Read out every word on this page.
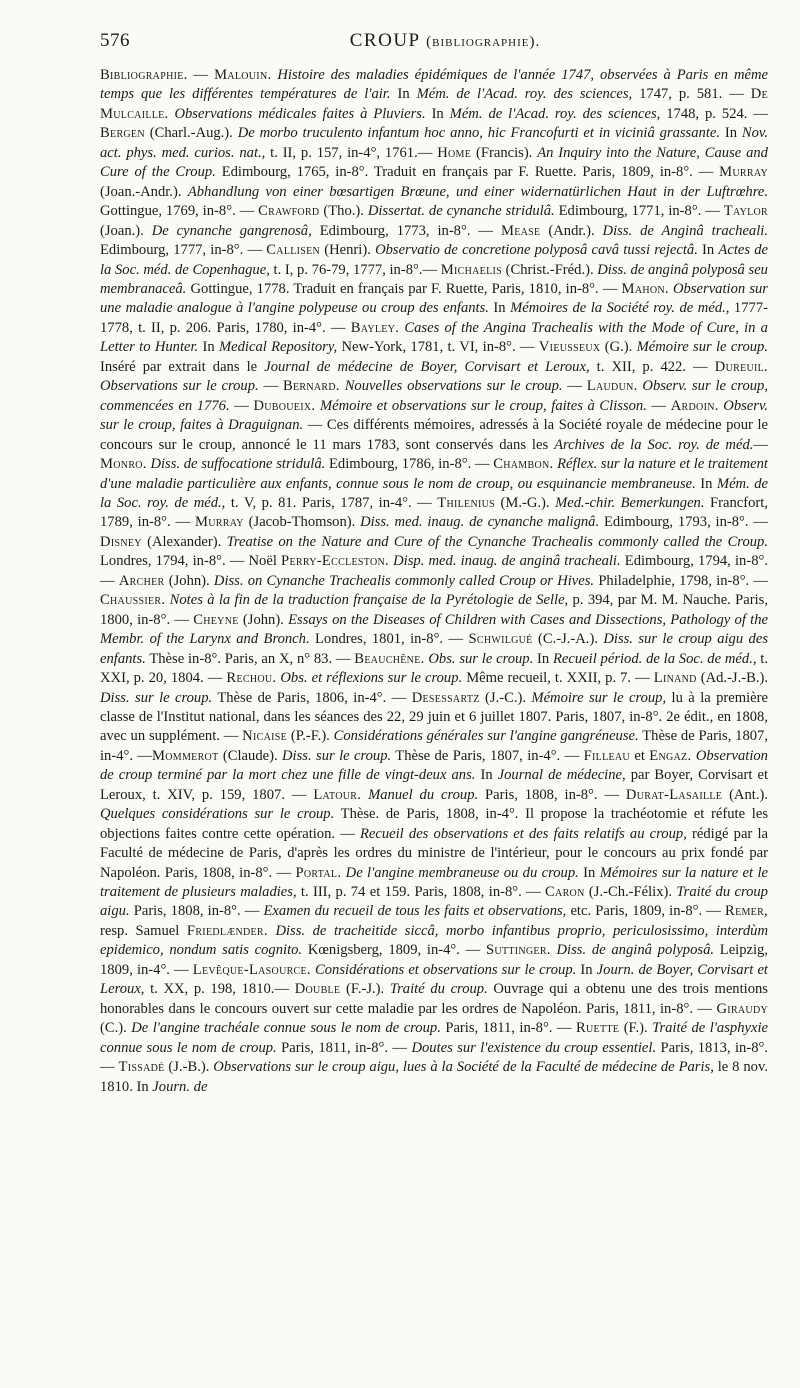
576	CROUP (bibliographie).

Bibliographie. — Malouin. Histoire des maladies épidémiques de l'année 1747, observées à Paris en même temps que les différentes températures de l'air. In Mém. de l'Acad. roy. des sciences, 1747, p. 581. — De Mulcaille. Observations médicales faites à Pluviers. In Mém. de l'Acad. roy. des sciences, 1748, p. 524. — Bergen (Charl.-Aug.). De morbo truculento infantum hoc anno, hic Francofurti et in viciniâ grassante. In Nov. act. phys. med. curios. nat., t. II, p. 157, in-4°, 1761.— Home (Francis). An Inquiry into the Nature, Cause and Cure of the Croup. Edimbourg, 1765, in-8°. Traduit en français par F. Ruette. Paris, 1809, in-8°. — Murray (Joan.-Andr.). Abhandlung von einer bœsartigen Brœune, und einer widernatürlichen Haut in der Luftrœhre. Gottingue, 1769, in-8°. — Crawford (Tho.). Dissertat. de cynanche stridulâ. Edimbourg, 1771, in-8°. — Taylor (Joan.). De cynanche gangrenosâ, Edimbourg, 1773, in-8°. — Mease (Andr.). Diss. de Anginâ tracheali. Edimbourg, 1777, in-8°. — Callisen (Henri). Observatio de concretione polyposâ cavâ tussi rejectâ. In Actes de la Soc. méd. de Copenhague, t. I, p. 76-79, 1777, in-8°.— Michaelis (Christ.-Fréd.). Diss. de anginâ polyposâ seu membranaceâ. Gottingue, 1778. Traduit en français par F. Ruette, Paris, 1810, in-8°. — Mahon. Observation sur une maladie analogue à l'angine polypeuse ou croup des enfants. In Mémoires de la Société roy. de méd., 1777-1778, t. II, p. 206. Paris, 1780, in-4°. — Bayley. Cases of the Angina Trachealis with the Mode of Cure, in a Letter to Hunter. In Medical Repository, New-York, 1781, t. VI, in-8°. — Vieusseux (G.). Mémoire sur le croup. Inséré par extrait dans le Journal de médecine de Boyer, Corvisart et Leroux, t. XII, p. 422. — Dureuil. Observations sur le croup. — Bernard. Nouvelles observations sur le croup. — Laudun. Observ. sur le croup, commencées en 1776. — Duboueix. Mémoire et observations sur le croup, faites à Clisson. — Ardoin. Observ. sur le croup, faites à Draguignan. — Ces différents mémoires, adressés à la Société royale de médecine pour le concours sur le croup, annoncé le 11 mars 1783, sont conservés dans les Archives de la Soc. roy. de méd.— Monro. Diss. de suffocatione stridulâ. Edimbourg, 1786, in-8°. — Chambon. Réflex. sur la nature et le traitement d'une maladie particulière aux enfants, connue sous le nom de croup, ou esquinancie membraneuse. In Mém. de la Soc. roy. de méd., t. V, p. 81. Paris, 1787, in-4°. — Thilenius (M.-G.). Med.-chir. Bemerkungen. Francfort, 1789, in-8°. — Murray (Jacob-Thomson). Diss. med. inaug. de cynanche malignâ. Edimbourg, 1793, in-8°. — Disney (Alexander). Treatise on the Nature and Cure of the Cynanche Trachealis commonly called the Croup. Londres, 1794, in-8°. — Noël Perry-Eccleston. Disp. med. inaug. de anginâ tracheali. Edimbourg, 1794, in-8°. — Archer (John). Diss. on Cynanche Trachealis commonly called Croup or Hives. Philadelphie, 1798, in-8°. — Chaussier. Notes à la fin de la traduction française de la Pyrétologie de Selle, p. 394, par M. M. Nauche. Paris, 1800, in-8°. — Cheyne (John). Essays on the Diseases of Children with Cases and Dissections, Pathology of the Membr. of the Larynx and Bronch. Londres, 1801, in-8°. — Schwilgué (C.-J.-A.). Diss. sur le croup aigu des enfants. Thèse in-8°. Paris, an X, n° 83. — Beauchêne. Obs. sur le croup. In Recueil périod. de la Soc. de méd., t. XXI, p. 20, 1804. — Rechou. Obs. et réflexions sur le croup. Même recueil, t. XXII, p. 7. — Linand (Ad.-J.-B.). Diss. sur le croup. Thèse de Paris, 1806, in-4°. — Desessartz (J.-C.). Mémoire sur le croup, lu à la première classe de l'Institut national, dans les séances des 22, 29 juin et 6 juillet 1807. Paris, 1807, in-8°. 2e édit., en 1808, avec un supplément. — Nicaise (P.-F.). Considérations générales sur l'angine gangréneuse. Thèse de Paris, 1807, in-4°. —Mommerot (Claude). Diss. sur le croup. Thèse de Paris, 1807, in-4°. — Filleau et Engaz. Observation de croup terminé par la mort chez une fille de vingt-deux ans. In Journal de médecine, par Boyer, Corvisart et Leroux, t. XIV, p. 159, 1807. — Latour. Manuel du croup. Paris, 1808, in-8°. — Durat-Lasaille (Ant.). Quelques considérations sur le croup. Thèse. de Paris, 1808, in-4°. Il propose la trachéotomie et réfute les objections faites contre cette opération. — Recueil des observations et des faits relatifs au croup, rédigé par la Faculté de médecine de Paris, d'après les ordres du ministre de l'intérieur, pour le concours au prix fondé par Napoléon. Paris, 1808, in-8°. — Portal. De l'angine membraneuse ou du croup. In Mémoires sur la nature et le traitement de plusieurs maladies, t. III, p. 74 et 159. Paris, 1808, in-8°. — Caron (J.-Ch.-Félix). Traité du croup aigu. Paris, 1808, in-8°. — Examen du recueil de tous les faits et observations, etc. Paris, 1809, in-8°. — Remer, resp. Samuel Friedlænder. Diss. de tracheitide siccâ, morbo infantibus proprio, periculosissimo, interdùm epidemico, nondum satis cognito. Kœnigsberg, 1809, in-4°. — Suttinger. Diss. de anginâ polyposâ. Leipzig, 1809, in-4°. — Levêque-Lasource. Considérations et observations sur le croup. In Journ. de Boyer, Corvisart et Leroux, t. XX, p. 198, 1810.— Double (F.-J.). Traité du croup. Ouvrage qui a obtenu une des trois mentions honorables dans le concours ouvert sur cette maladie par les ordres de Napoléon. Paris, 1811, in-8°. — Giraudy (C.). De l'angine trachéale connue sous le nom de croup. Paris, 1811, in-8°. — Ruette (F.). Traité de l'asphyxie connue sous le nom de croup. Paris, 1811, in-8°. — Doutes sur l'existence du croup essentiel. Paris, 1813, in-8°. — Tissadé (J.-B.). Observations sur le croup aigu, lues à la Société de la Faculté de médecine de Paris, le 8 nov. 1810. In Journ. de
